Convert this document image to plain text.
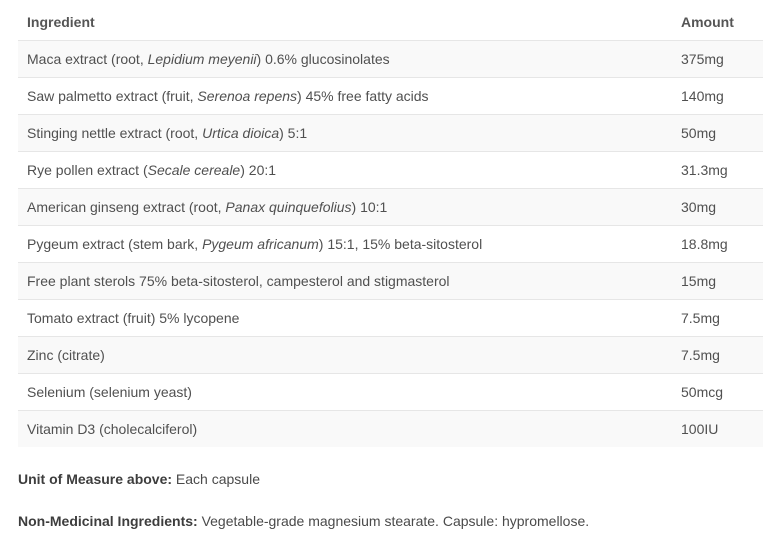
Ingredient	Amount
Maca extract (root, Lepidium meyenii) 0.6% glucosinolates	375mg
Saw palmetto extract (fruit, Serenoa repens) 45% free fatty acids	140mg
Stinging nettle extract (root, Urtica dioica) 5:1	50mg
Rye pollen extract (Secale cereale) 20:1	31.3mg
American ginseng extract (root, Panax quinquefolius) 10:1	30mg
Pygeum extract (stem bark, Pygeum africanum) 15:1, 15% beta-sitosterol	18.8mg
Free plant sterols 75% beta-sitosterol, campesterol and stigmasterol	15mg
Tomato extract (fruit) 5% lycopene	7.5mg
Zinc (citrate)	7.5mg
Selenium (selenium yeast)	50mcg
Vitamin D3 (cholecalciferol)	100IU
Unit of Measure above: Each capsule
Non-Medicinal Ingredients: Vegetable-grade magnesium stearate. Capsule: hypromellose.
